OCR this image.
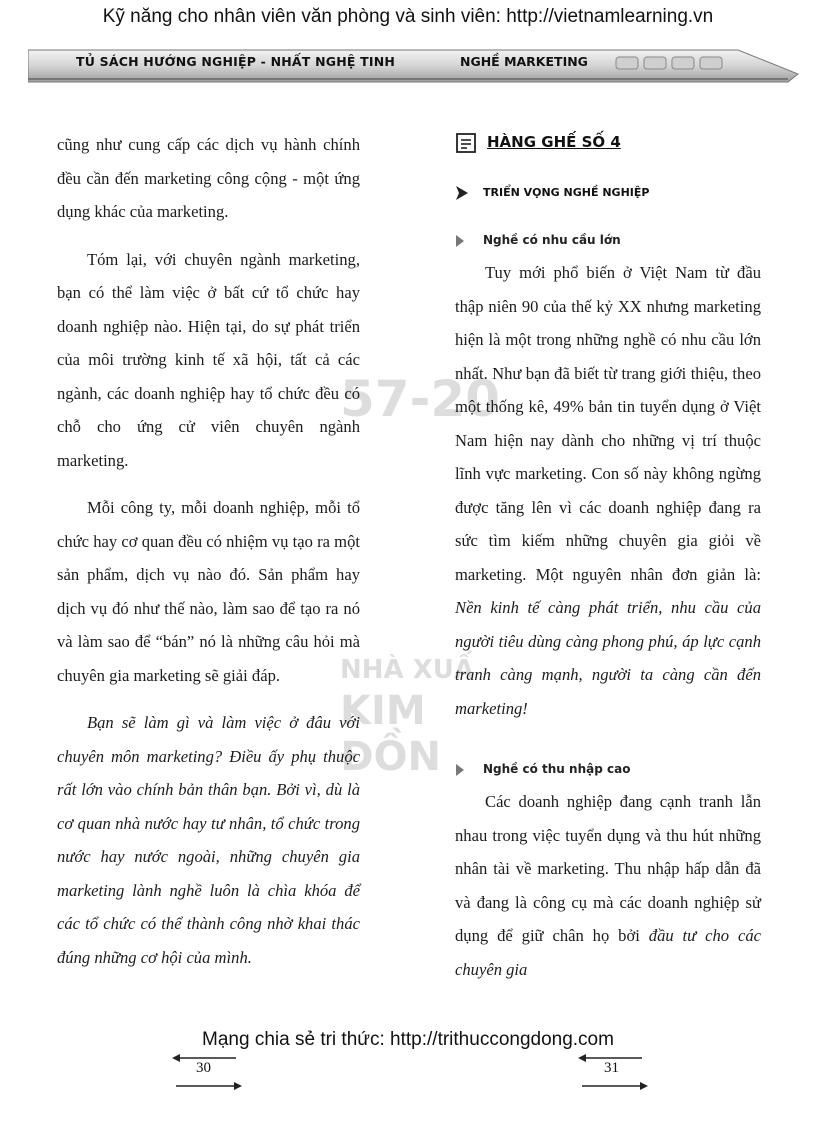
Kỹ năng cho nhân viên văn phòng và sinh viên: http://vietnamlearning.vn
TỦ SÁCH HƯỚNG NGHIỆP - NHẤT NGHỆ TINH	NGHỀ MARKETING
57-20
NHÀ XUẤ
KIM ĐỒN

cũng như cung cấp các dịch vụ hành chính đều cần đến marketing công cộng - một ứng dụng khác của marketing.

Tóm lại, với chuyên ngành marketing, bạn có thể làm việc ở bất cứ tổ chức hay doanh nghiệp nào. Hiện tại, do sự phát triển của môi trường kinh tế xã hội, tất cả các ngành, các doanh nghiệp hay tổ chức đều có chỗ cho ứng cử viên chuyên ngành marketing.

Mỗi công ty, mỗi doanh nghiệp, mỗi tổ chức hay cơ quan đều có nhiệm vụ tạo ra một sản phẩm, dịch vụ nào đó. Sản phẩm hay dịch vụ đó như thế nào, làm sao để tạo ra nó và làm sao để “bán” nó là những câu hỏi mà chuyên gia marketing sẽ giải đáp.

Bạn sẽ làm gì và làm việc ở đâu với chuyên môn marketing? Điều ấy phụ thuộc rất lớn vào chính bản thân bạn. Bởi vì, dù là cơ quan nhà nước hay tư nhân, tổ chức trong nước hay nước ngoài, những chuyên gia marketing lành nghề luôn là chìa khóa để các tổ chức có thể thành công nhờ khai thác đúng những cơ hội của mình.

HÀNG GHẾ SỐ 4
TRIỂN VỌNG NGHỀ NGHIỆP
Nghề có nhu cầu lớn

Tuy mới phổ biến ở Việt Nam từ đầu thập niên 90 của thế kỷ XX nhưng marketing hiện là một trong những nghề có nhu cầu lớn nhất. Như bạn đã biết từ trang giới thiệu, theo một thống kê, 49% bản tin tuyển dụng ở Việt Nam hiện nay dành cho những vị trí thuộc lĩnh vực marketing. Con số này không ngừng được tăng lên vì các doanh nghiệp đang ra sức tìm kiếm những chuyên gia giỏi về marketing. Một nguyên nhân đơn giản là: Nền kinh tế càng phát triển, nhu cầu của người tiêu dùng càng phong phú, áp lực cạnh tranh càng mạnh, người ta càng cần đến marketing!

Nghề có thu nhập cao

Các doanh nghiệp đang cạnh tranh lẫn nhau trong việc tuyển dụng và thu hút những nhân tài về marketing. Thu nhập hấp dẫn đã và đang là công cụ mà các doanh nghiệp sử dụng để giữ chân họ bởi đầu tư cho các chuyên gia

Mạng chia sẻ tri thức: http://trithuccongdong.com
30	31
